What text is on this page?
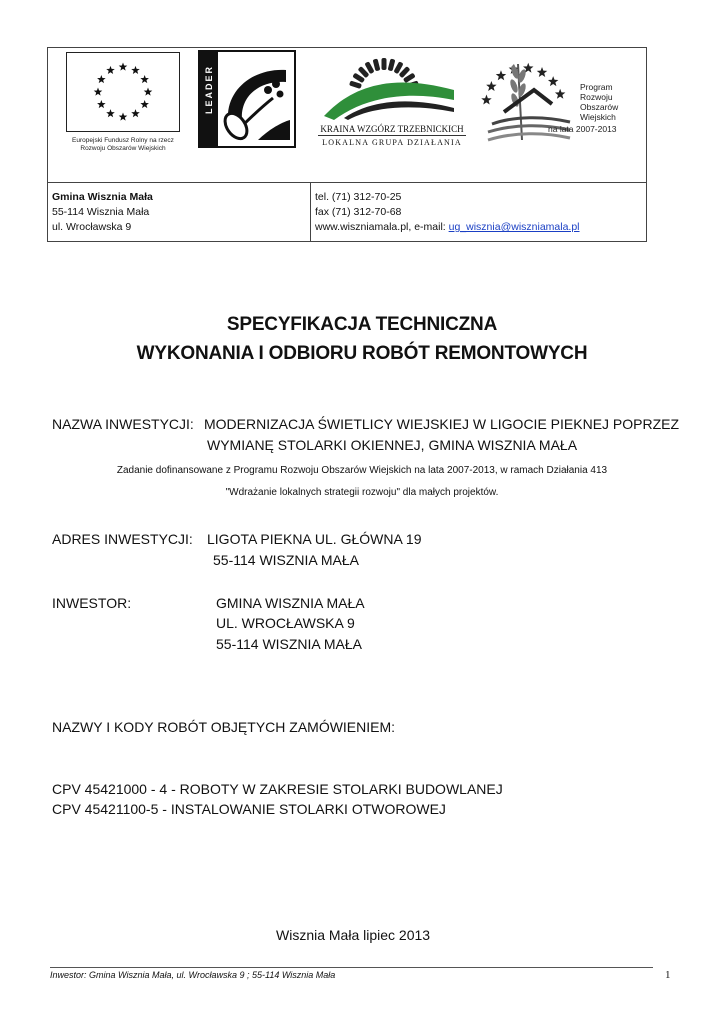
Europejski Fundusz Rolny na rzecz
Rozwoju Obszarów Wiejskich
LEADER
KRAINA WZGÓRZ TRZEBNICKICH
LOKALNA GRUPA DZIAŁANIA
Program
Rozwoju
Obszarów
Wiejskich
na lata 2007-2013
Gmina Wisznia Mała
55-114 Wisznia Mała
ul. Wrocławska 9
tel. (71) 312-70-25
fax (71) 312-70-68
www.wiszniamala.pl, e-mail: ug_wisznia@wiszniamala.pl
SPECYFIKACJA TECHNICZNA
WYKONANIA I ODBIORU ROBÓT REMONTOWYCH
NAZWA INWESTYCJI: MODERNIZACJA ŚWIETLICY WIEJSKIEJ W LIGOCIE PIEKNEJ POPRZEZ
WYMIANĘ STOLARKI OKIENNEJ, GMINA WISZNIA MAŁA
Zadanie dofinansowane z Programu Rozwoju Obszarów Wiejskich na lata 2007-2013, w ramach Działania 413
"Wdrażanie lokalnych strategii rozwoju" dla małych projektów.
ADRES INWESTYCJI: LIGOTA PIEKNA UL. GŁÓWNA 19
55-114 WISZNIA MAŁA
INWESTOR:	GMINA WISZNIA MAŁA
UL. WROCŁAWSKA 9
55-114 WISZNIA MAŁA
NAZWY I KODY ROBÓT OBJĘTYCH ZAMÓWIENIEM:
CPV 45421000 - 4 - ROBOTY W ZAKRESIE STOLARKI BUDOWLANEJ
CPV 45421100-5 - INSTALOWANIE STOLARKI OTWOROWEJ
Wisznia Mała lipiec 2013
Inwestor: Gmina Wisznia Mała, ul. Wrocławska 9 ; 55-114 Wisznia Mała	1
